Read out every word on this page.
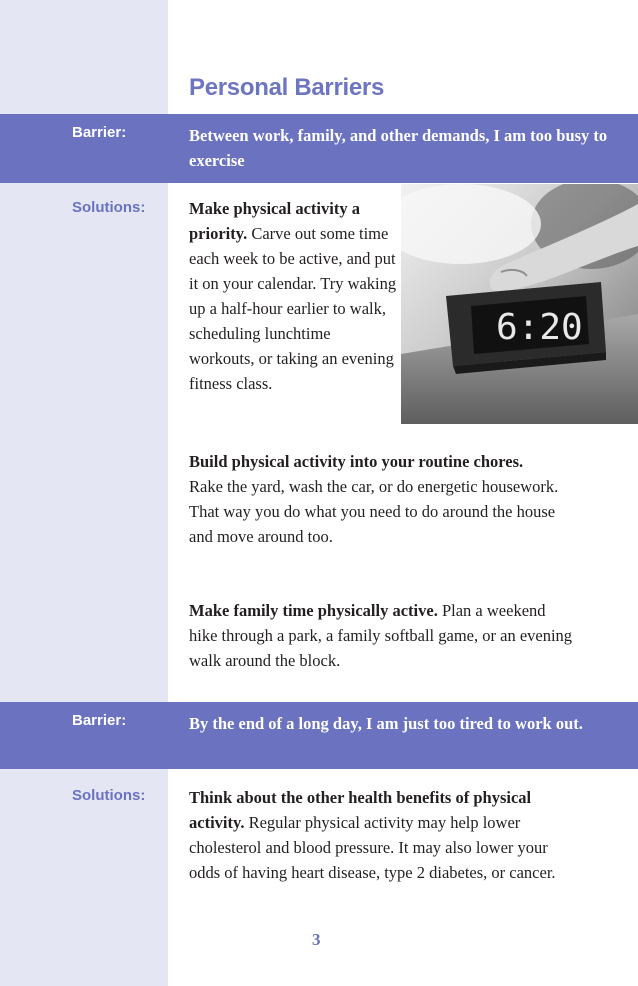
Personal Barriers
Barrier:	Between work, family, and other demands, I am too busy to exercise
Solutions:	Make physical activity a priority. Carve out some time each week to be active, and put it on your calendar. Try waking up a half-hour earlier to walk, scheduling lunchtime workouts, or taking an evening fitness class.

6:20

Build physical activity into your routine chores. Rake the yard, wash the car, or do energetic housework. That way you do what you need to do around the house and move around too.

Make family time physically active. Plan a weekend hike through a park, a family softball game, or an evening walk around the block.

Barrier:	By the end of a long day, I am just too tired to work out.
Solutions:	Think about the other health benefits of physical activity. Regular physical activity may help lower cholesterol and blood pressure. It may also lower your odds of having heart disease, type 2 diabetes, or cancer.

3
